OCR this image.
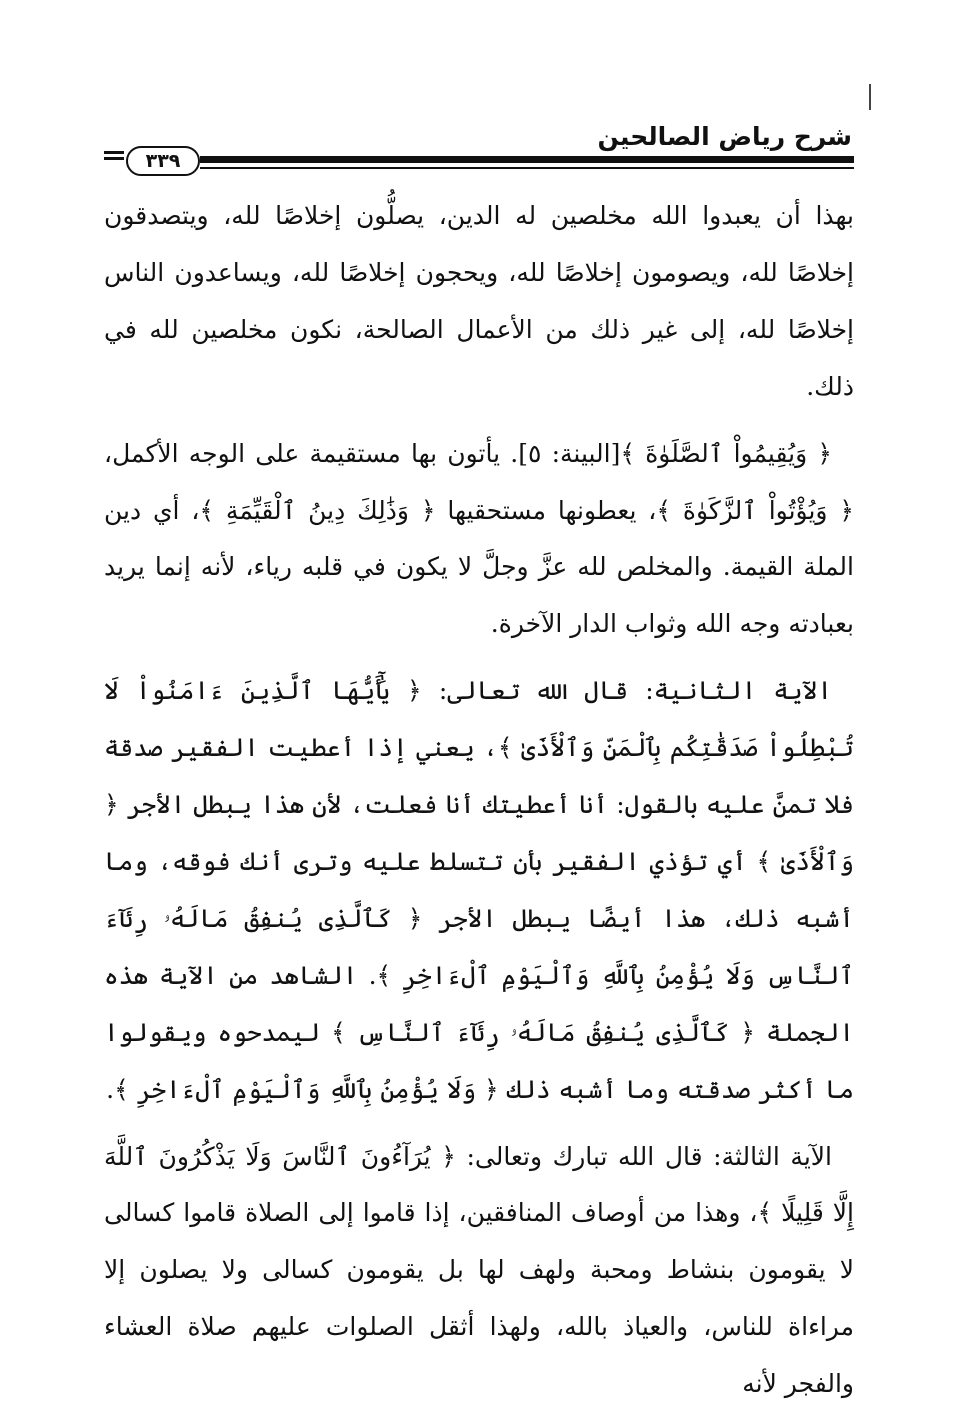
شرح رياض الصالحين
٣٣٩

بهذا أن يعبدوا الله مخلصين له الدين، يصلُّون إخلاصًا لله، ويتصدقون إخلاصًا لله، ويصومون إخلاصًا لله، ويحجون إخلاصًا لله، ويساعدون الناس إخلاصًا لله، إلى غير ذلك من الأعمال الصالحة، نكون مخلصين لله في ذلك.

﴿ وَيُقِيمُواْ ٱلصَّلَوٰةَ ﴾[البينة: ٥]. يأتون بها مستقيمة على الوجه الأكمل، ﴿ وَيُؤْتُواْ ٱلزَّكَوٰةَ ﴾، يعطونها مستحقيها ﴿ وَذَٰلِكَ دِينُ ٱلْقَيِّمَةِ ﴾، أي دين الملة القيمة. والمخلص لله عزَّ وجلَّ لا يكون في قلبه رياء، لأنه إنما يريد بعبادته وجه الله وثواب الدار الآخرة.

الآية الثانية: قال الله تعالى: ﴿ يَٰٓأَيُّهَا ٱلَّذِينَ ءَامَنُواْ لَا تُبْطِلُواْ صَدَقَٰتِكُم بِٱلْمَنِّ وَٱلْأَذَىٰ ﴾، يعني إذا أعطيت الفقير صدقة فلا تمنَّ عليه بالقول: أنا أعطيتك أنا فعلت، لأن هذا يبطل الأجر ﴿ وَٱلْأَذَىٰ ﴾ أي تؤذي الفقير بأن تتسلط عليه وترى أنك فوقه، وما أشبه ذلك، هذا أيضًا يبطل الأجر ﴿ كَٱلَّذِى يُنفِقُ مَالَهُۥ رِئَآءَ ٱلنَّاسِ وَلَا يُؤْمِنُ بِٱللَّهِ وَٱلْيَوْمِ ٱلْءَاخِرِ ﴾. الشاهد من الآية هذه الجملة ﴿ كَٱلَّذِى يُنفِقُ مَالَهُۥ رِئَآءَ ٱلنَّاسِ ﴾ ليمدحوه ويقولوا ما أكثر صدقته وما أشبه ذلك ﴿ وَلَا يُؤْمِنُ بِٱللَّهِ وَٱلْيَوْمِ ٱلْءَاخِرِ ﴾.

الآية الثالثة: قال الله تبارك وتعالى: ﴿ يُرَآءُونَ ٱلنَّاسَ وَلَا يَذْكُرُونَ ٱللَّهَ إِلَّا قَلِيلًا ﴾، وهذا من أوصاف المنافقين، إذا قاموا إلى الصلاة قاموا كسالى لا يقومون بنشاط ومحبة ولهف لها بل يقومون كسالى ولا يصلون إلا مراءاة للناس، والعياذ بالله، ولهذا أثقل الصلوات عليهم صلاة العشاء والفجر لأنه
